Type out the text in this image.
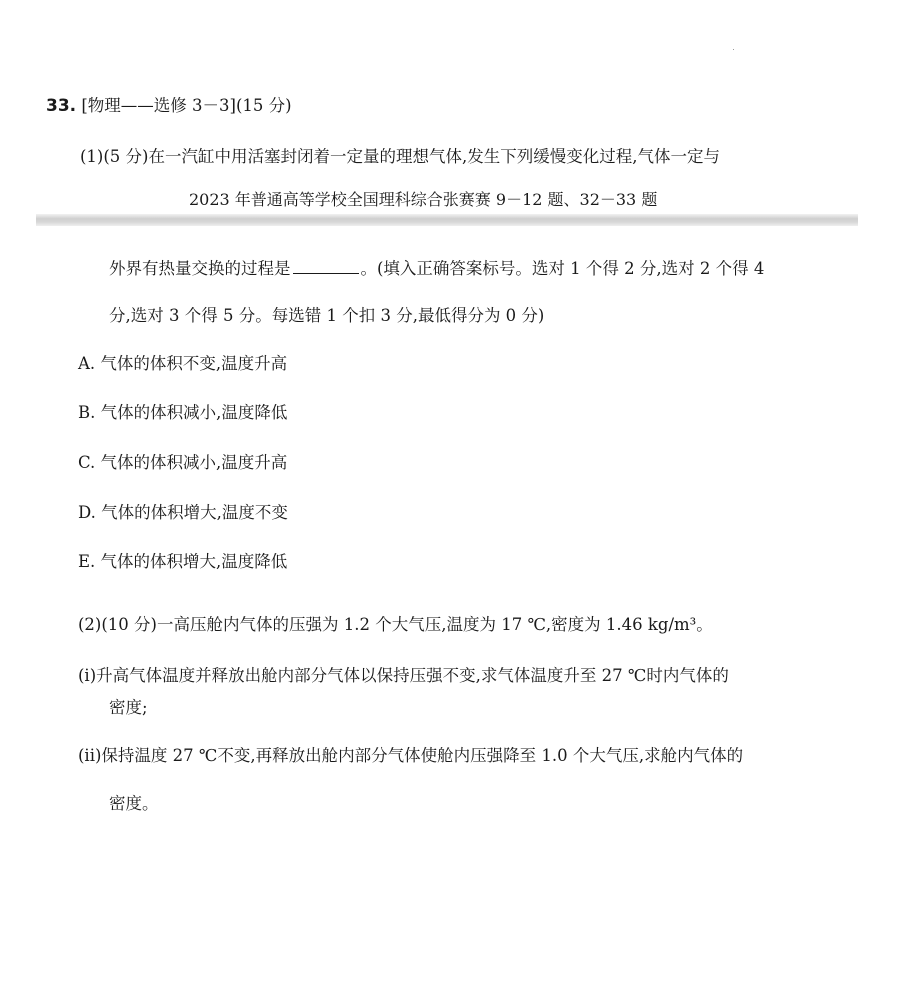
33. [物理——选修 3－3](15 分)
(1)(5 分)在一汽缸中用活塞封闭着一定量的理想气体,发生下列缓慢变化过程,气体一定与
2023 年普通高等学校全国理科综合张赛赛 9－12 题、32－33 题
外界有热量交换的过程是	。(填入正确答案标号。选对 1 个得 2 分,选对 2 个得 4
分,选对 3 个得 5 分。每选错 1 个扣 3 分,最低得分为 0 分)
A. 气体的体积不变,温度升高
B. 气体的体积减小,温度降低
C. 气体的体积减小,温度升高
D. 气体的体积增大,温度不变
E. 气体的体积增大,温度降低
(2)(10 分)一高压舱内气体的压强为 1.2 个大气压,温度为 17 ℃,密度为 1.46 kg/m³。
(i)升高气体温度并释放出舱内部分气体以保持压强不变,求气体温度升至 27 ℃时内气体的
密度;
(ii)保持温度 27 ℃不变,再释放出舱内部分气体使舱内压强降至 1.0 个大气压,求舱内气体的
密度。
